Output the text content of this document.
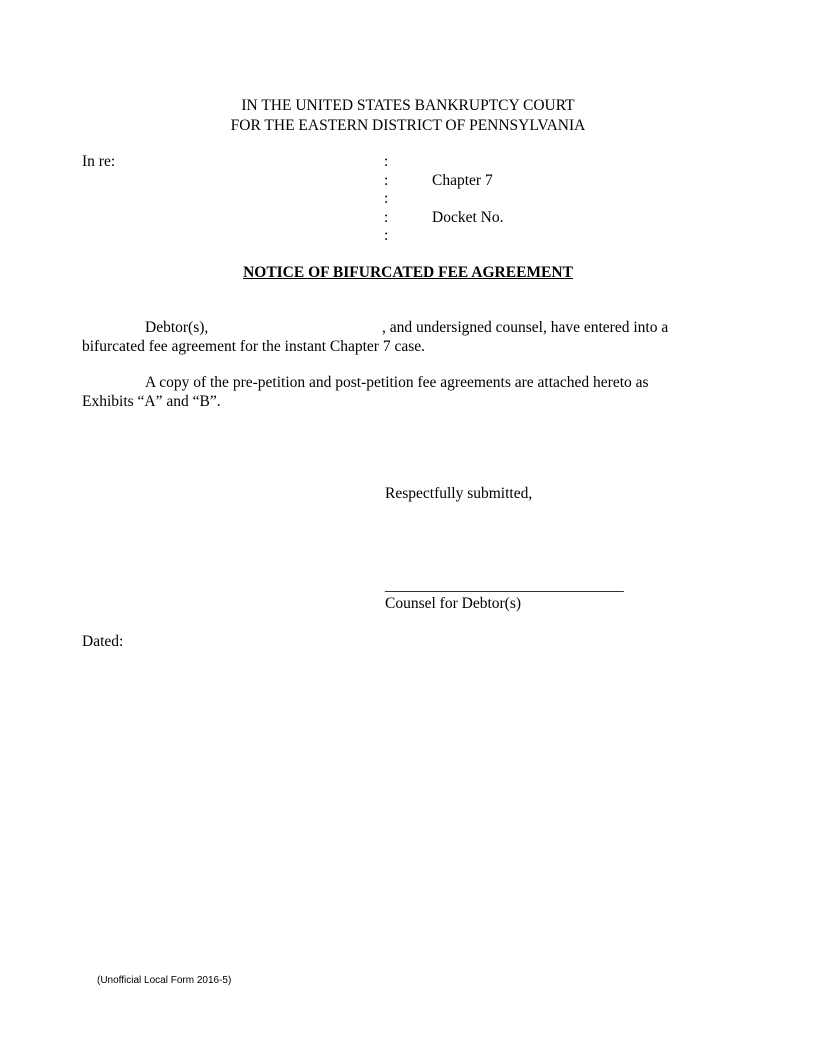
IN THE UNITED STATES BANKRUPTCY COURT
FOR THE EASTERN DISTRICT OF PENNSYLVANIA
In re:	:
:
:
:
:
Chapter 7
Docket No.
NOTICE OF BIFURCATED FEE AGREEMENT
Debtor(s),	, and undersigned counsel, have entered into a
bifurcated fee agreement for the instant Chapter 7 case.
A copy of the pre-petition and post-petition fee agreements are attached hereto as
Exhibits “A” and “B”.
Respectfully submitted,
________________________________
Counsel for Debtor(s)
Dated:
(Unofficial Local Form 2016-5)
